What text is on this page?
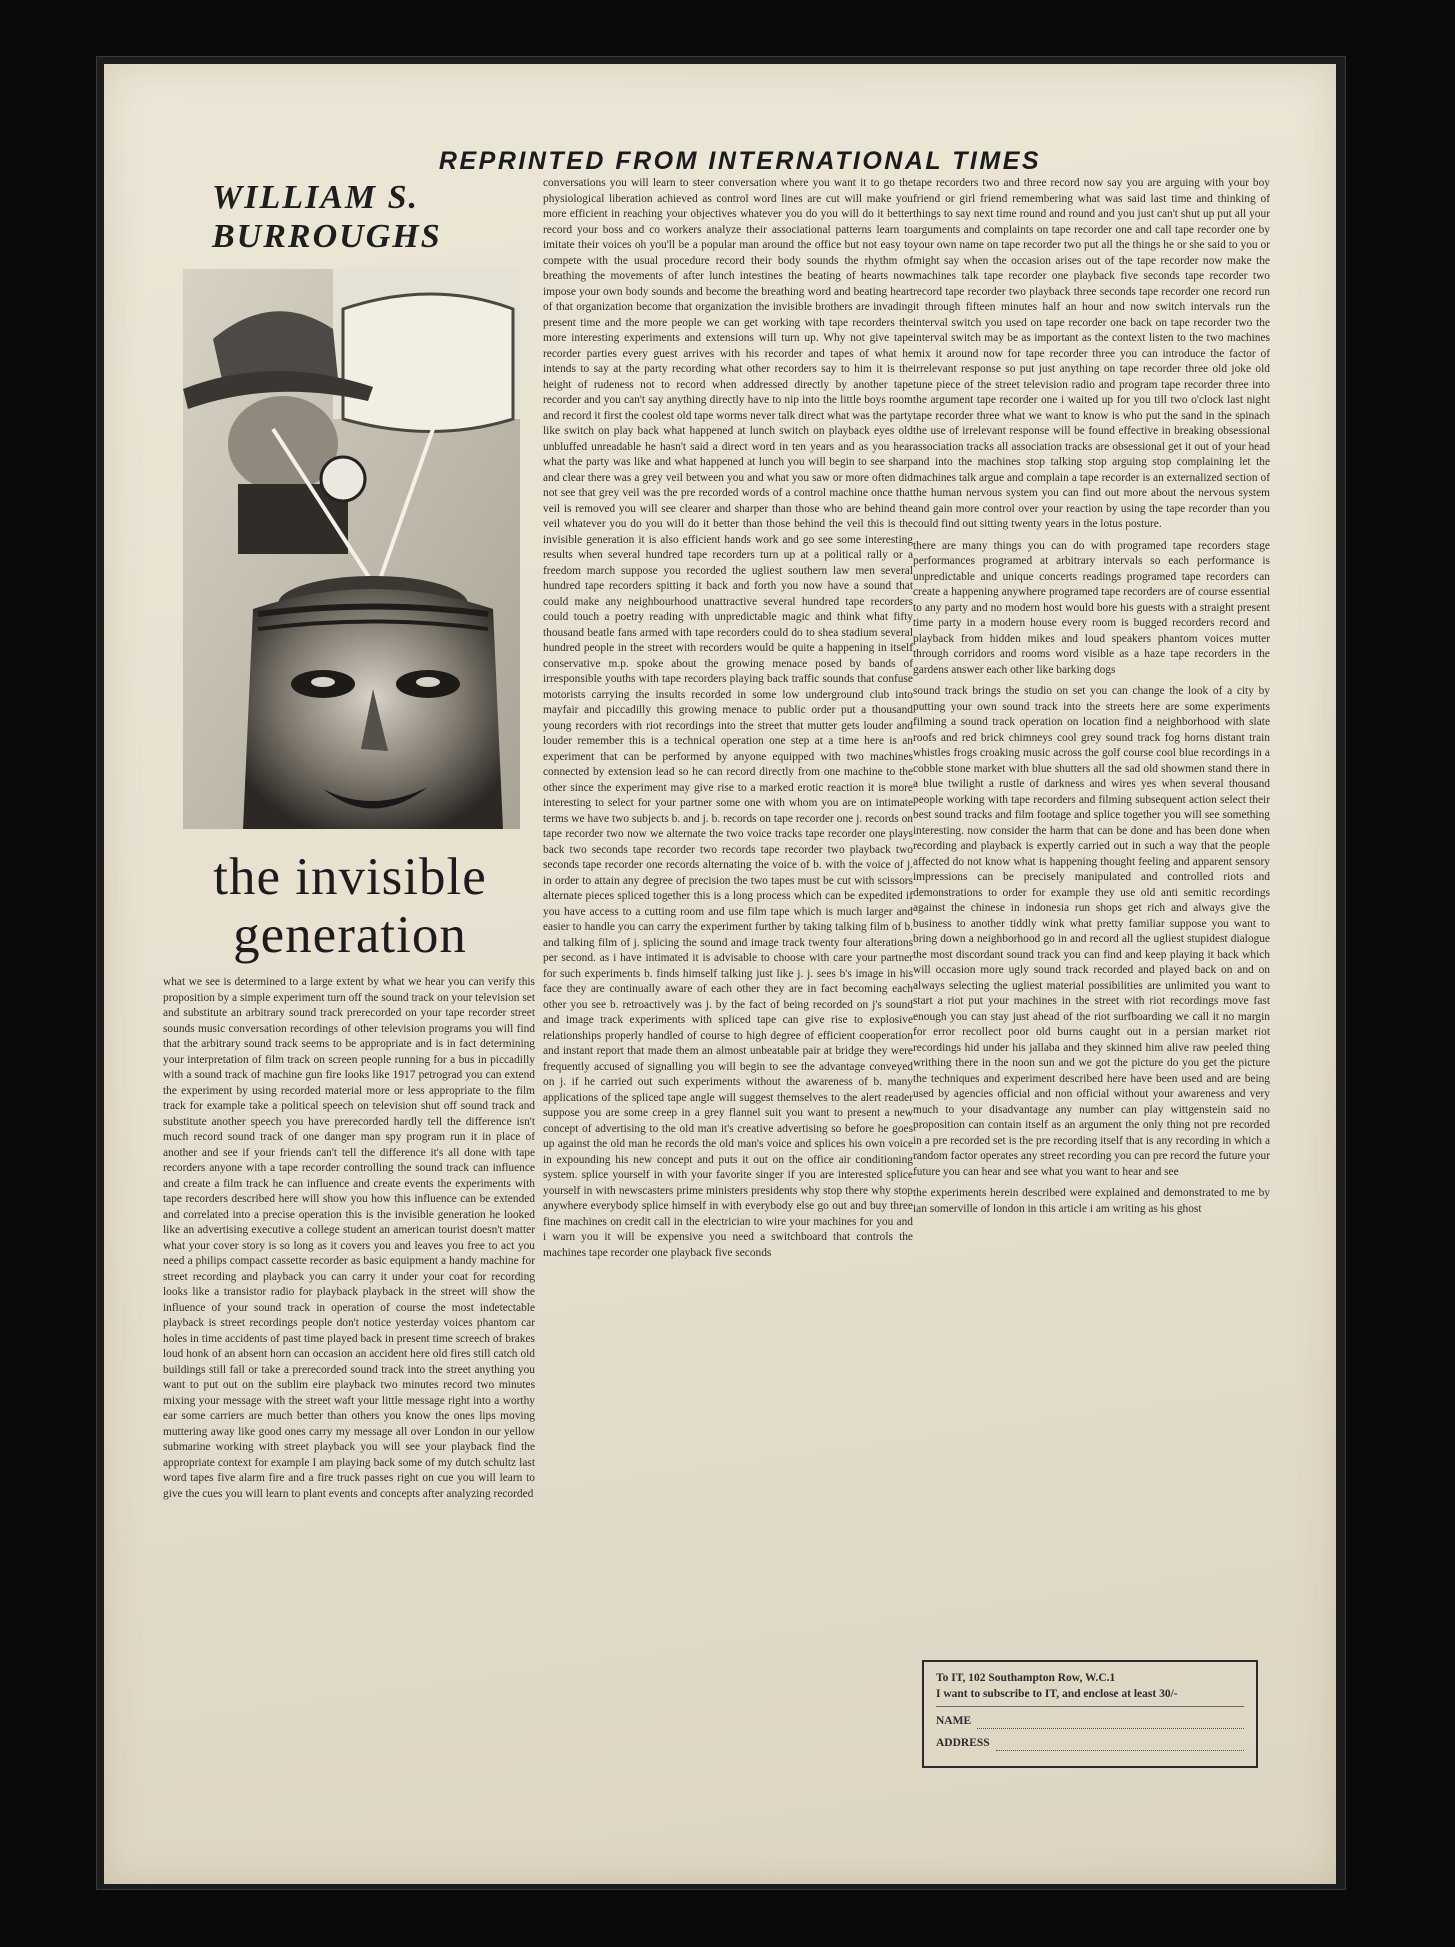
REPRINTED FROM INTERNATIONAL TIMES
WILLIAM S.
BURROUGHS
the invisible
generation

what we see is determined to a large extent by what we hear you can verify this proposition by a simple experiment turn off the sound track on your television set and substitute an arbitrary sound track prerecorded on your tape recorder street sounds music conversation recordings of other television programs you will find that the arbitrary sound track seems to be appropriate and is in fact determining your interpretation of film track on screen people running for a bus in piccadilly with a sound track of machine gun fire looks like 1917 petrograd you can extend the experiment by using recorded material more or less appropriate to the film track for example take a political speech on television shut off sound track and substitute another speech you have prerecorded hardly tell the difference isn't much record sound track of one danger man spy program run it in place of another and see if your friends can't tell the difference it's all done with tape recorders anyone with a tape recorder controlling the sound track can influence and create a film track he can influence and create events the experiments with tape recorders described here will show you how this influence can be extended and correlated into a precise operation this is the invisible generation he looked like an advertising executive a college student an american tourist doesn't matter what your cover story is so long as it covers you and leaves you free to act you need a philips compact cassette recorder as basic equipment a handy machine for street recording and playback you can carry it under your coat for recording looks like a transistor radio for playback playback in the street will show the influence of your sound track in operation of course the most indetectable playback is street recordings people don't notice yesterday voices phantom car holes in time accidents of past time played back in present time screech of brakes loud honk of an absent horn can occasion an accident here old fires still catch old buildings still fall or take a prerecorded sound track into the street anything you want to put out on the sublim eire playback two minutes record two minutes mixing your message with the street waft your little message right into a worthy ear some carriers are much better than others you know the ones lips moving muttering away like good ones carry my message all over London in our yellow submarine working with street playback you will see your playback find the appropriate context for example I am playing back some of my dutch schultz last word tapes five alarm fire and a fire truck passes right on cue you will learn to give the cues you will learn to plant events and concepts after analyzing recorded

conversations you will learn to steer conversation where you want it to go the physiological liberation achieved as control word lines are cut will make you more efficient in reaching your objectives whatever you do you will do it better record your boss and co workers analyze their associational patterns learn to imitate their voices oh you'll be a popular man around the office but not easy to compete with the usual procedure record their body sounds the rhythm of breathing the movements of after lunch intestines the beating of hearts now impose your own body sounds and become the breathing word and beating heart of that organization become that organization the invisible brothers are invading present time and the more people we can get working with tape recorders the more interesting experiments and extensions will turn up. Why not give tape recorder parties every guest arrives with his recorder and tapes of what he intends to say at the party recording what other recorders say to him it is the height of rudeness not to record when addressed directly by another tape recorder and you can't say anything directly have to nip into the little boys room and record it first the coolest old tape worms never talk direct what was the party like switch on play back what happened at lunch switch on playback eyes old unbluffed unreadable he hasn't said a direct word in ten years and as you hear what the party was like and what happened at lunch you will begin to see sharp and clear there was a grey veil between you and what you saw or more often did not see that grey veil was the pre recorded words of a control machine once that veil is removed you will see clearer and sharper than those who are behind the veil whatever you do you will do it better than those behind the veil this is the invisible generation it is also efficient hands work and go see some interesting results when several hundred tape recorders turn up at a political rally or a freedom march suppose you recorded the ugliest southern law men several hundred tape recorders spitting it back and forth you now have a sound that could make any neighbourhood unattractive several hundred tape recorders could touch a poetry reading with unpredictable magic and think what fifty thousand beatle fans armed with tape recorders could do to shea stadium several hundred people in the street with recorders would be quite a happening in itself conservative m.p. spoke about the growing menace posed by bands of irresponsible youths with tape recorders playing back traffic sounds that confuse motorists carrying the insults recorded in some low underground club into mayfair and piccadilly this growing menace to public order put a thousand young recorders with riot recordings into the street that mutter gets louder and louder remember this is a technical operation one step at a time here is an experiment that can be performed by anyone equipped with two machines connected by extension lead so he can record directly from one machine to the other since the experiment may give rise to a marked erotic reaction it is more interesting to select for your partner some one with whom you are on intimate terms we have two subjects b. and j. b. records on tape recorder one j. records on tape recorder two now we alternate the two voice tracks tape recorder one plays back two seconds tape recorder two records tape recorder two playback two seconds tape recorder one records alternating the voice of b. with the voice of j. in order to attain any degree of precision the two tapes must be cut with scissors alternate pieces spliced together this is a long process which can be expedited if you have access to a cutting room and use film tape which is much larger and easier to handle you can carry the experiment further by taking talking film of b. and talking film of j. splicing the sound and image track twenty four alterations per second. as i have intimated it is advisable to choose with care your partner for such experiments b. finds himself talking just like j. j. sees b's image in his face they are continually aware of each other they are in fact becoming each other you see b. retroactively was j. by the fact of being recorded on j's sound and image track experiments with spliced tape can give rise to explosive relationships properly handled of course to high degree of efficient cooperation and instant report that made them an almost unbeatable pair at bridge they were frequently accused of signalling you will begin to see the advantage conveyed on j. if he carried out such experiments without the awareness of b. many applications of the spliced tape angle will suggest themselves to the alert reader suppose you are some creep in a grey flannel suit you want to present a new concept of advertising to the old man it's creative advertising so before he goes up against the old man he records the old man's voice and splices his own voice in expounding his new concept and puts it out on the office air conditioning system. splice yourself in with your favorite singer if you are interested splice yourself in with newscasters prime ministers presidents why stop there why stop anywhere everybody splice himself in with everybody else go out and buy three fine machines on credit call in the electrician to wire your machines for you and i warn you it will be expensive you need a switchboard that controls the machines tape recorder one playback five seconds

tape recorders two and three record now say you are arguing with your boy friend or girl friend remembering what was said last time and thinking of things to say next time round and round and you just can't shut up put all your arguments and complaints on tape recorder one and call tape recorder one by your own name on tape recorder two put all the things he or she said to you or might say when the occasion arises out of the tape recorder now make the machines talk tape recorder one playback five seconds tape recorder two record tape recorder two playback three seconds tape recorder one record run it through fifteen minutes half an hour and now switch intervals run the interval switch you used on tape recorder one back on tape recorder two the interval switch may be as important as the context listen to the two machines mix it around now for tape recorder three you can introduce the factor of irrelevant response so put just anything on tape recorder three old joke old tune piece of the street television radio and program tape recorder three into the argument tape recorder one i waited up for you till two o'clock last night tape recorder three what we want to know is who put the sand in the spinach the use of irrelevant response will be found effective in breaking obsessional association tracks all association tracks are obsessional get it out of your head and into the machines stop talking stop arguing stop complaining let the machines talk argue and complain a tape recorder is an externalized section of the human nervous system you can find out more about the nervous system and gain more control over your reaction by using the tape recorder than you could find out sitting twenty years in the lotus posture.

there are many things you can do with programed tape recorders stage performances programed at arbitrary intervals so each performance is unpredictable and unique concerts readings programed tape recorders can create a happening anywhere programed tape recorders are of course essential to any party and no modern host would bore his guests with a straight present time party in a modern house every room is bugged recorders record and playback from hidden mikes and loud speakers phantom voices mutter through corridors and rooms word visible as a haze tape recorders in the gardens answer each other like barking dogs

sound track brings the studio on set you can change the look of a city by putting your own sound track into the streets here are some experiments filming a sound track operation on location find a neighborhood with slate roofs and red brick chimneys cool grey sound track fog horns distant train whistles frogs croaking music across the golf course cool blue recordings in a cobble stone market with blue shutters all the sad old showmen stand there in a blue twilight a rustle of darkness and wires yes when several thousand people working with tape recorders and filming subsequent action select their best sound tracks and film footage and splice together you will see something interesting. now consider the harm that can be done and has been done when recording and playback is expertly carried out in such a way that the people affected do not know what is happening thought feeling and apparent sensory impressions can be precisely manipulated and controlled riots and demonstrations to order for example they use old anti semitic recordings against the chinese in indonesia run shops get rich and always give the business to another tiddly wink what pretty familiar suppose you want to bring down a neighborhood go in and record all the ugliest stupidest dialogue the most discordant sound track you can find and keep playing it back which will occasion more ugly sound track recorded and played back on and on always selecting the ugliest material possibilities are unlimited you want to start a riot put your machines in the street with riot recordings move fast enough you can stay just ahead of the riot surfboarding we call it no margin for error recollect poor old burns caught out in a persian market riot recordings hid under his jallaba and they skinned him alive raw peeled thing writhing there in the noon sun and we got the picture do you get the picture the techniques and experiment described here have been used and are being used by agencies official and non official without your awareness and very much to your disadvantage any number can play wittgenstein said no proposition can contain itself as an argument the only thing not pre recorded in a pre recorded set is the pre recording itself that is any recording in which a random factor operates any street recording you can pre record the future your future you can hear and see what you want to hear and see

the experiments herein described were explained and demonstrated to me by ian somerville of london in this article i am writing as his ghost

To IT, 102 Southampton Row, W.C.1
I want to subscribe to IT, and enclose at least 30/-
NAME
ADDRESS
